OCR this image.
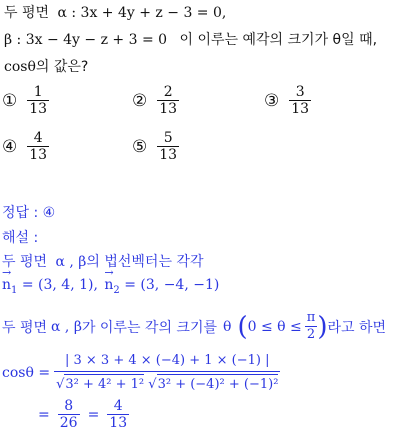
두 평면 α : 3x + 4y + z − 3 = 0,
β : 3x − 4y − z + 3 = 0 이 이루는 예각의 크기가 θ일 때,
cosθ의 값은?
① $\frac{1}{13}$	② $\frac{2}{13}$	③ $\frac{3}{13}$
④ $\frac{4}{13}$	⑤ $\frac{5}{13}$
정답 : ④
해설 :
두 평면 α , β의 법선벡터는 각각
→ $n_1 = (3$, 4, 1), → $n_2 = (3$, −4, −1)
두 평면 α , β 가 이루는 각의 크기를 θ ( $0 \le \theta \le \frac{\pi}{2}$ ) 라고 하면
$\cos\theta = \frac{| 3 \times 3 + 4 \times (-4) + 1 \times (-1) |}{\text{√3² + 4² + 1² √3² + (−4)² + (−1)²}}$
= $\frac{8}{26} = \frac{4}{13}$
